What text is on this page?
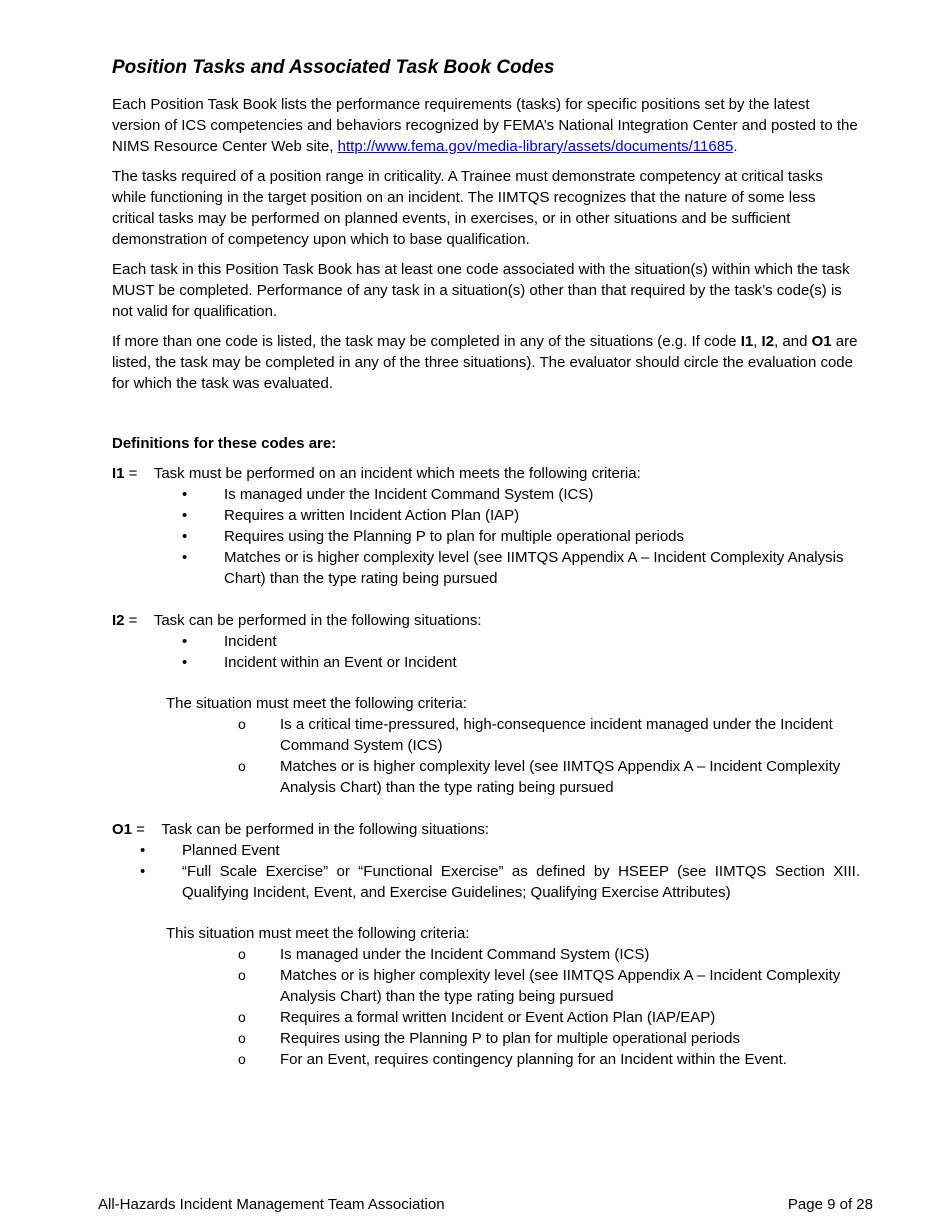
Position Tasks and Associated Task Book Codes

Each Position Task Book lists the performance requirements (tasks) for specific positions set by the latest version of ICS competencies and behaviors recognized by FEMA’s National Integration Center and posted to the NIMS Resource Center Web site, http://www.fema.gov/media-library/assets/documents/11685.

The tasks required of a position range in criticality. A Trainee must demonstrate competency at critical tasks while functioning in the target position on an incident. The IIMTQS recognizes that the nature of some less critical tasks may be performed on planned events, in exercises, or in other situations and be sufficient demonstration of competency upon which to base qualification.

Each task in this Position Task Book has at least one code associated with the situation(s) within which the task MUST be completed. Performance of any task in a situation(s) other than that required by the task’s code(s) is not valid for qualification.

If more than one code is listed, the task may be completed in any of the situations (e.g. If code I1, I2, and O1 are listed, the task may be completed in any of the three situations). The evaluator should circle the evaluation code for which the task was evaluated.

Definitions for these codes are:
I1 =    Task must be performed on an incident which meets the following criteria:
• Is managed under the Incident Command System (ICS)
• Requires a written Incident Action Plan (IAP)
• Requires using the Planning P to plan for multiple operational periods
• Matches or is higher complexity level (see IIMTQS Appendix A – Incident Complexity Analysis Chart) than the type rating being pursued
I2 =    Task can be performed in the following situations:
• Incident
• Incident within an Event or Incident
The situation must meet the following criteria:
o Is a critical time-pressured, high-consequence incident managed under the Incident Command System (ICS)
o Matches or is higher complexity level (see IIMTQS Appendix A – Incident Complexity Analysis Chart) than the type rating being pursued
O1 =    Task can be performed in the following situations:
• Planned Event
• “Full Scale Exercise” or “Functional Exercise” as defined by HSEEP (see IIMTQS Section XIII. Qualifying Incident, Event, and Exercise Guidelines; Qualifying Exercise Attributes)
This situation must meet the following criteria:
o Is managed under the Incident Command System (ICS)
o Matches or is higher complexity level (see IIMTQS Appendix A – Incident Complexity Analysis Chart) than the type rating being pursued
o Requires a formal written Incident or Event Action Plan (IAP/EAP)
o Requires using the Planning P to plan for multiple operational periods
o For an Event, requires contingency planning for an Incident within the Event.
All-Hazards Incident Management Team Association	Page 9 of 28
